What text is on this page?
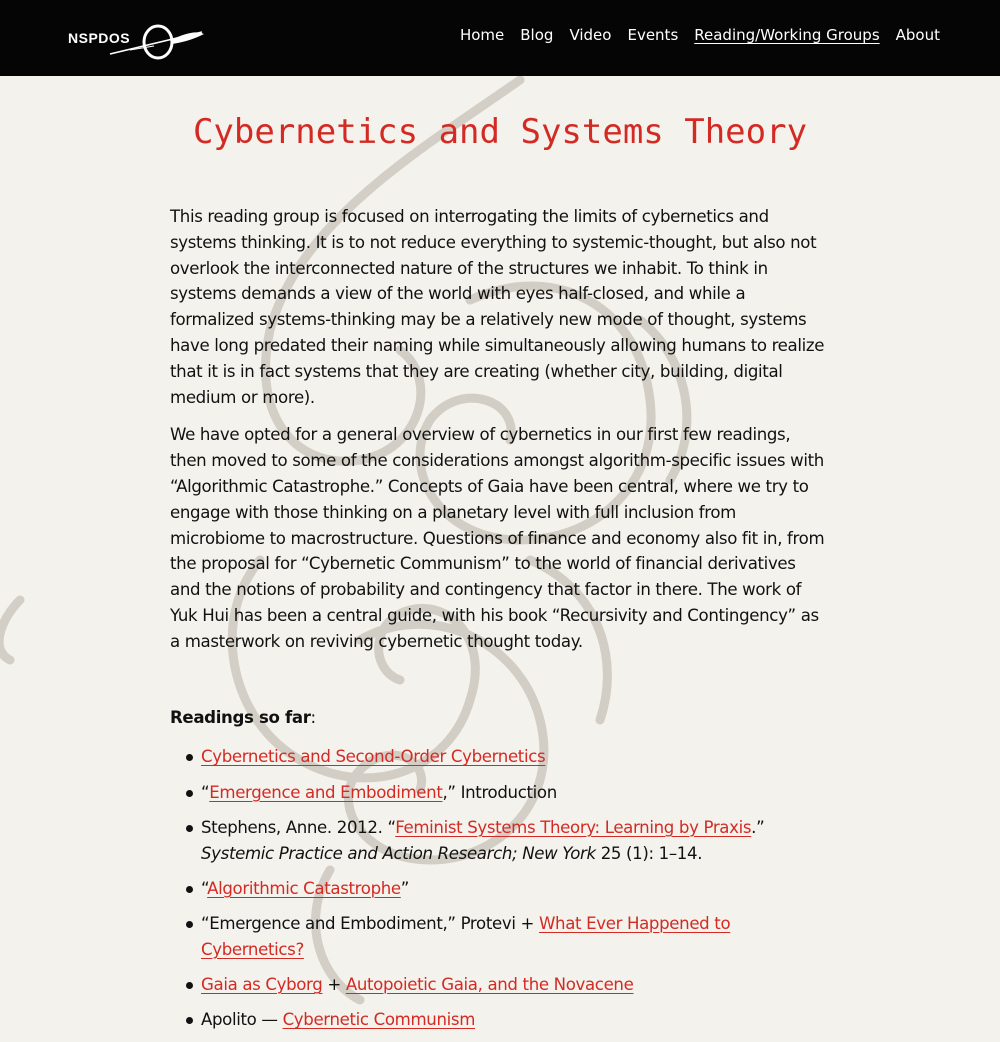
NSPDOS	Home Blog Video Events Reading/Working Groups About
Cybernetics and Systems Theory

This reading group is focused on interrogating the limits of cybernetics and systems thinking. It is to not reduce everything to systemic-thought, but also not overlook the interconnected nature of the structures we inhabit. To think in systems demands a view of the world with eyes half-closed, and while a formalized systems-thinking may be a relatively new mode of thought, systems have long predated their naming while simultaneously allowing humans to realize that it is in fact systems that they are creating (whether city, building, digital medium or more).

We have opted for a general overview of cybernetics in our first few readings, then moved to some of the considerations amongst algorithm-specific issues with “Algorithmic Catastrophe.” Concepts of Gaia have been central, where we try to engage with those thinking on a planetary level with full inclusion from microbiome to macrostructure. Questions of finance and economy also fit in, from the proposal for “Cybernetic Communism” to the world of financial derivatives and the notions of probability and contingency that factor in there. The work of Yuk Hui has been a central guide, with his book “Recursivity and Contingency” as a masterwork on reviving cybernetic thought today.

Readings so far:

Cybernetics and Second-Order Cybernetics
“Emergence and Embodiment,” Introduction
Stephens, Anne. 2012. “Feminist Systems Theory: Learning by Praxis.”
Systemic Practice and Action Research; New York 25 (1): 1–14.
“Algorithmic Catastrophe”
“Emergence and Embodiment,” Protevi + What Ever Happened to Cybernetics?
Gaia as Cyborg + Autopoietic Gaia, and the Novacene
Apolito — Cybernetic Communism
